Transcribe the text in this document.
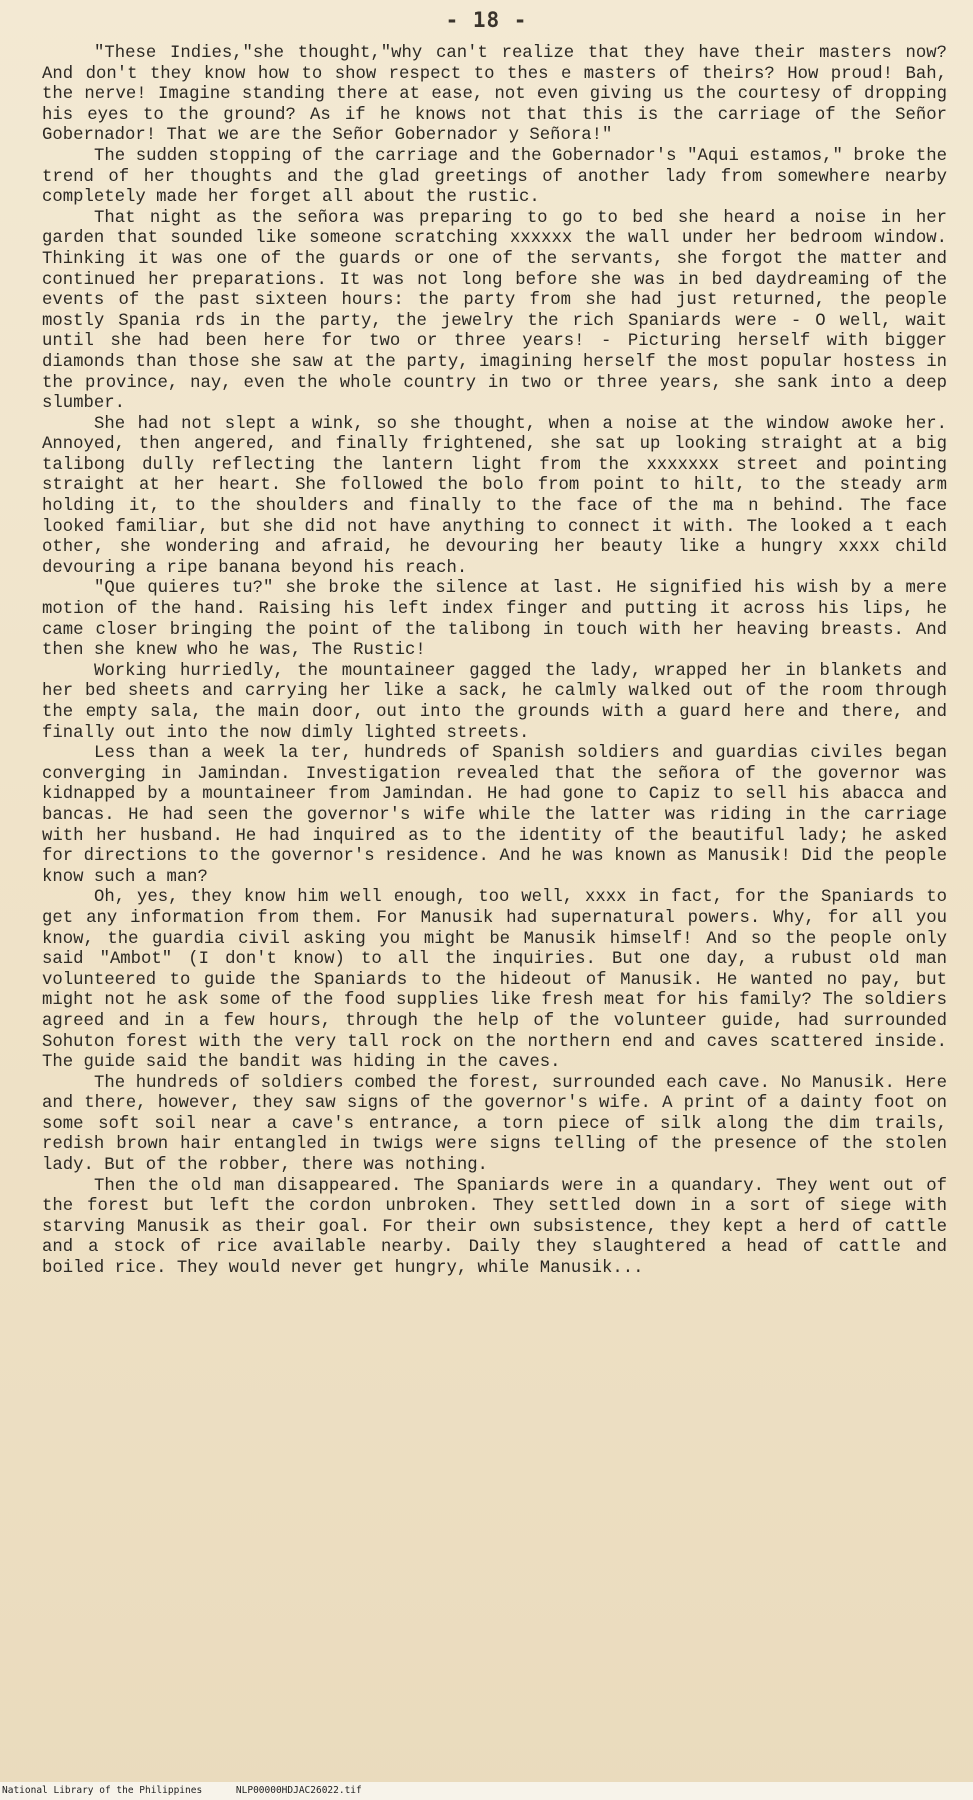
- 18 -

"These Indies,"she thought,"why can't realize that they have their masters now? And don't they know how to show respect to thes e masters of theirs? How proud! Bah, the nerve! Imagine standing there at ease, not even giving us the courtesy of dropping his eyes to the ground? As if he knows not that this is the carriage of the Señor Gobernador! That we are the Señor Gobernador y Señora!"

The sudden stopping of the carriage and the Gobernador's "Aqui estamos," broke the trend of her thoughts and the glad greetings of another lady from somewhere nearby completely made her forget all about the rustic.

That night as the señora was preparing to go to bed she heard a noise in her garden that sounded like someone scratching xxxxxx the wall under her bedroom window. Thinking it was one of the guards or one of the servants, she forgot the matter and continued her preparations. It was not long before she was in bed daydreaming of the events of the past sixteen hours: the party from she had just returned, the people mostly Spania rds in the party, the jewelry the rich Spaniards were - O well, wait until she had been here for two or three years! - Picturing herself with bigger diamonds than those she saw at the party, imagining herself the most popular hostess in the province, nay, even the whole country in two or three years, she sank into a deep slumber.

She had not slept a wink, so she thought, when a noise at the window awoke her. Annoyed, then angered, and finally frightened, she sat up looking straight at a big talibong dully reflecting the lantern light from the xxxxxxx street and pointing straight at her heart. She followed the bolo from point to hilt, to the steady arm holding it, to the shoulders and finally to the face of the ma n behind. The face looked familiar, but she did not have anything to connect it with. The looked a t each other, she wondering and afraid, he devouring her beauty like a hungry xxxx child devouring a ripe banana beyond his reach.

"Que quieres tu?" she broke the silence at last. He signified his wish by a mere motion of the hand. Raising his left index finger and putting it across his lips, he came closer bringing the point of the talibong in touch with her heaving breasts. And then she knew who he was, The Rustic!

Working hurriedly, the mountaineer gagged the lady, wrapped her in blankets and her bed sheets and carrying her like a sack, he calmly walked out of the room through the empty sala, the main door, out into the grounds with a guard here and there, and finally out into the now dimly lighted streets.

Less than a week la ter, hundreds of Spanish soldiers and guardias civiles began converging in Jamindan. Investigation revealed that the señora of the governor was kidnapped by a mountaineer from Jamindan. He had gone to Capiz to sell his abacca and bancas. He had seen the governor's wife while the latter was riding in the carriage with her husband. He had inquired as to the identity of the beautiful lady; he asked for directions to the governor's residence. And he was known as Manusik! Did the people know such a man?

Oh, yes, they know him well enough, too well, xxxx in fact, for the Spaniards to get any information from them. For Manusik had supernatural powers. Why, for all you know, the guardia civil asking you might be Manusik himself! And so the people only said "Ambot" (I don't know) to all the inquiries. But one day, a rubust old man volunteered to guide the Spaniards to the hideout of Manusik. He wanted no pay, but might not he ask some of the food supplies like fresh meat for his family? The soldiers agreed and in a few hours, through the help of the volunteer guide, had surrounded Sohuton forest with the very tall rock on the northern end and caves scattered inside. The guide said the bandit was hiding in the caves.

The hundreds of soldiers combed the forest, surrounded each cave. No Manusik. Here and there, however, they saw signs of the governor's wife. A print of a dainty foot on some soft soil near a cave's entrance, a torn piece of silk along the dim trails, redish brown hair entangled in twigs were signs telling of the presence of the stolen lady. But of the robber, there was nothing.

Then the old man disappeared. The Spaniards were in a quandary. They went out of the forest but left the cordon unbroken. They settled down in a sort of siege with starving Manusik as their goal. For their own subsistence, they kept a herd of cattle and a stock of rice available nearby. Daily they slaughtered a head of cattle and boiled rice. They would never get hungry, while Manusik...

National Library of the Philippines	NLP00000HDJAC26022.tif
